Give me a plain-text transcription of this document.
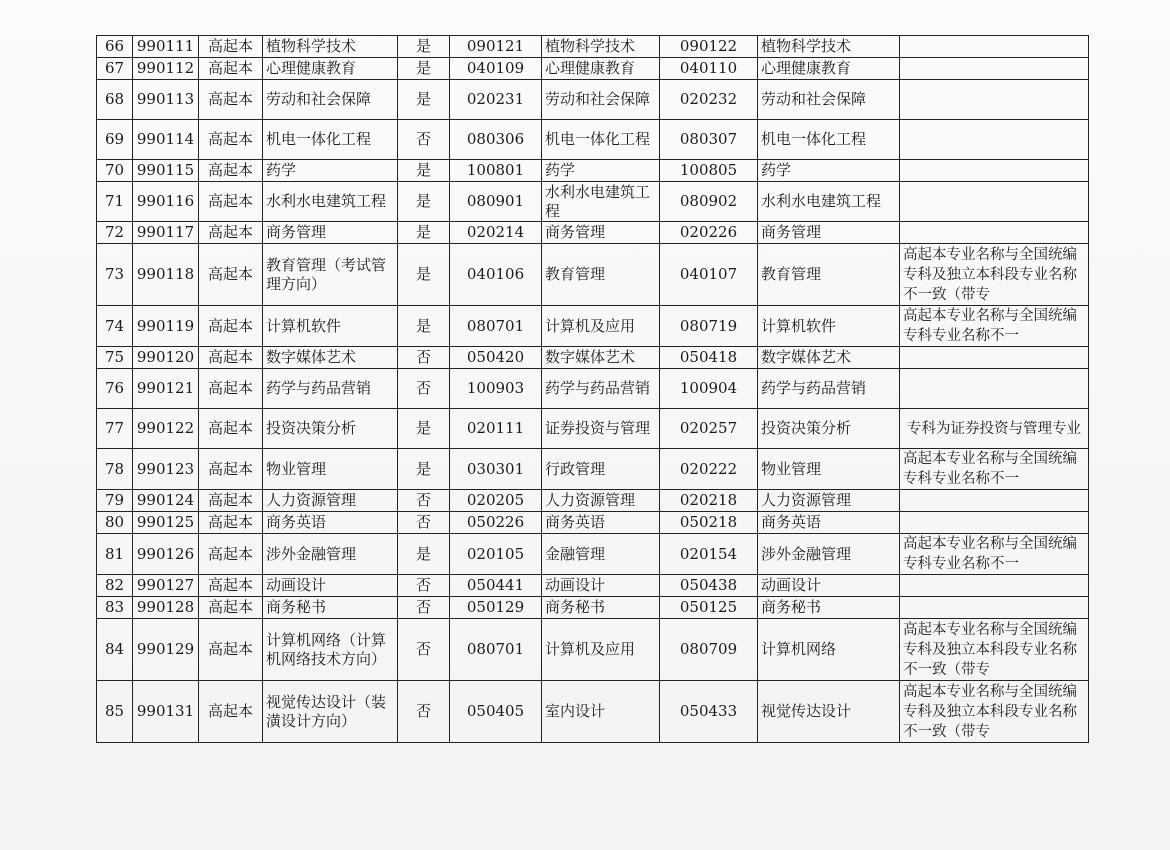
66	990111	高起本	植物科学技术	是	090121	植物科学技术	090122	植物科学技术	
67	990112	高起本	心理健康教育	是	040109	心理健康教育	040110	心理健康教育	
68	990113	高起本	劳动和社会保障	是	020231	劳动和社会保障	020232	劳动和社会保障	
69	990114	高起本	机电一体化工程	否	080306	机电一体化工程	080307	机电一体化工程	
70	990115	高起本	药学	是	100801	药学	100805	药学	
71	990116	高起本	水利水电建筑工程	是	080901	水利水电建筑工程	080902	水利水电建筑工程	
72	990117	高起本	商务管理	是	020214	商务管理	020226	商务管理	
73	990118	高起本	教育管理（考试管理方向）	是	040106	教育管理	040107	教育管理	高起本专业名称与全国统编专科及独立本科段专业名称不一致（带专
74	990119	高起本	计算机软件	是	080701	计算机及应用	080719	计算机软件	高起本专业名称与全国统编专科专业名称不一
75	990120	高起本	数字媒体艺术	否	050420	数字媒体艺术	050418	数字媒体艺术	
76	990121	高起本	药学与药品营销	否	100903	药学与药品营销	100904	药学与药品营销	
77	990122	高起本	投资决策分析	是	020111	证券投资与管理	020257	投资决策分析	专科为证券投资与管理专业
78	990123	高起本	物业管理	是	030301	行政管理	020222	物业管理	高起本专业名称与全国统编专科专业名称不一
79	990124	高起本	人力资源管理	否	020205	人力资源管理	020218	人力资源管理	
80	990125	高起本	商务英语	否	050226	商务英语	050218	商务英语	
81	990126	高起本	涉外金融管理	是	020105	金融管理	020154	涉外金融管理	高起本专业名称与全国统编专科专业名称不一
82	990127	高起本	动画设计	否	050441	动画设计	050438	动画设计	
83	990128	高起本	商务秘书	否	050129	商务秘书	050125	商务秘书	
84	990129	高起本	计算机网络（计算机网络技术方向）	否	080701	计算机及应用	080709	计算机网络	高起本专业名称与全国统编专科及独立本科段专业名称不一致（带专
85	990131	高起本	视觉传达设计（装潢设计方向）	否	050405	室内设计	050433	视觉传达设计	高起本专业名称与全国统编专科及独立本科段专业名称不一致（带专
